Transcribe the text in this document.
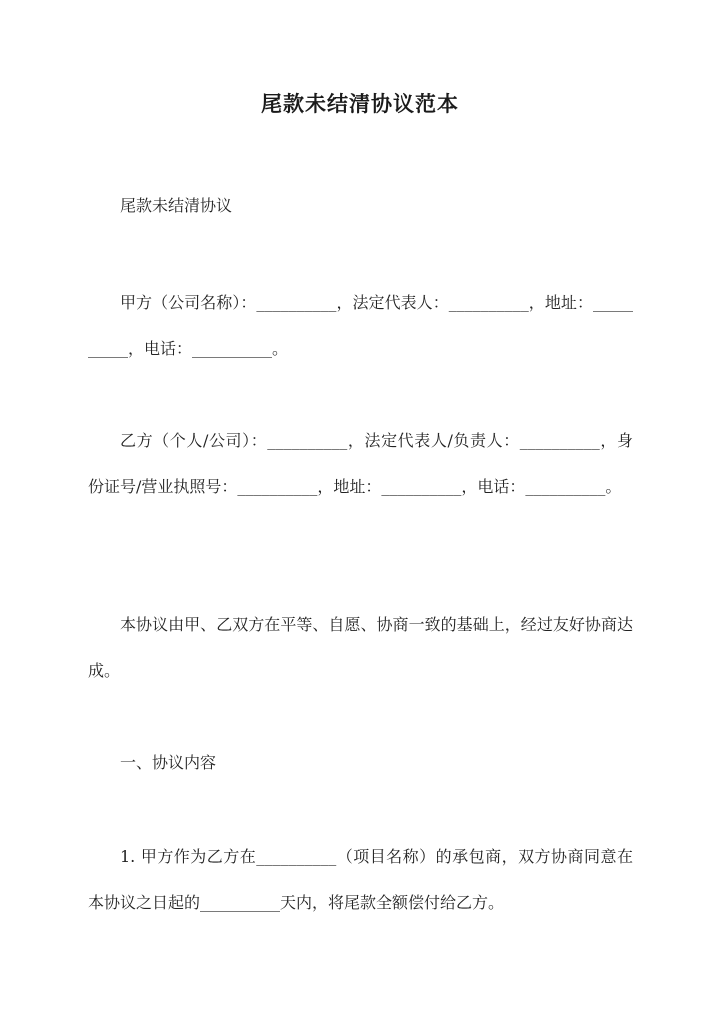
尾款未结清协议范本

尾款未结清协议

甲方（公司名称）：__________，法定代表人：__________，地址：__________，电话：__________。

乙方（个人/公司）：__________，法定代表人/负责人：__________，身份证号/营业执照号：__________，地址：__________，电话：__________。

本协议由甲、乙双方在平等、自愿、协商一致的基础上，经过友好协商达成。

一、协议内容

1. 甲方作为乙方在__________（项目名称）的承包商，双方协商同意在本协议之日起的__________天内，将尾款全额偿付给乙方。
